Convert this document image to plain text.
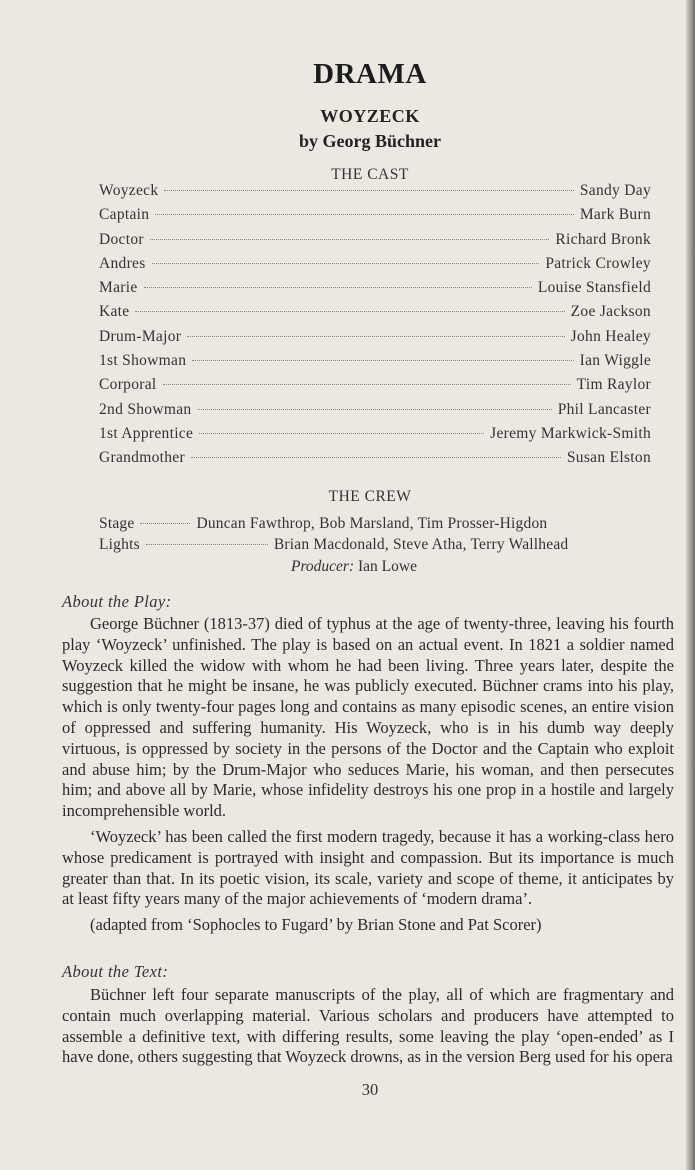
DRAMA
WOYZECK
by Georg Büchner
THE CAST
Woyzeck	Sandy Day
Captain	Mark Burn
Doctor	Richard Bronk
Andres	Patrick Crowley
Marie	Louise Stansfield
Kate	Zoe Jackson
Drum-Major	John Healey
1st Showman	Ian Wiggle
Corporal	Tim Raylor
2nd Showman	Phil Lancaster
1st Apprentice	Jeremy Markwick-Smith
Grandmother	Susan Elston
THE CREW
Stage	Duncan Fawthrop, Bob Marsland, Tim Prosser-Higdon
Lights	Brian Macdonald, Steve Atha, Terry Wallhead
Producer: Ian Lowe
About the Play:

George Büchner (1813-37) died of typhus at the age of twenty-three, leaving his fourth play ‘Woyzeck’ unfinished. The play is based on an actual event. In 1821 a soldier named Woyzeck killed the widow with whom he had been living. Three years later, despite the suggestion that he might be insane, he was publicly executed. Büchner crams into his play, which is only twenty-four pages long and contains as many episodic scenes, an entire vision of oppressed and suffering humanity. His Woyzeck, who is in his dumb way deeply virtuous, is oppressed by society in the persons of the Doctor and the Captain who exploit and abuse him; by the Drum-Major who seduces Marie, his woman, and then persecutes him; and above all by Marie, whose infidelity destroys his one prop in a hostile and largely incomprehensible world.

‘Woyzeck’ has been called the first modern tragedy, because it has a working-class hero whose predicament is portrayed with insight and compassion. But its importance is much greater than that. In its poetic vision, its scale, variety and scope of theme, it anticipates by at least fifty years many of the major achievements of ‘modern drama’.

(adapted from ‘Sophocles to Fugard’ by Brian Stone and Pat Scorer)

About the Text:

Büchner left four separate manuscripts of the play, all of which are fragmentary and contain much overlapping material. Various scholars and producers have attempted to assemble a definitive text, with differing results, some leaving the play ‘open-ended’ as I have done, others suggesting that Woyzeck drowns, as in the version Berg used for his opera

30
